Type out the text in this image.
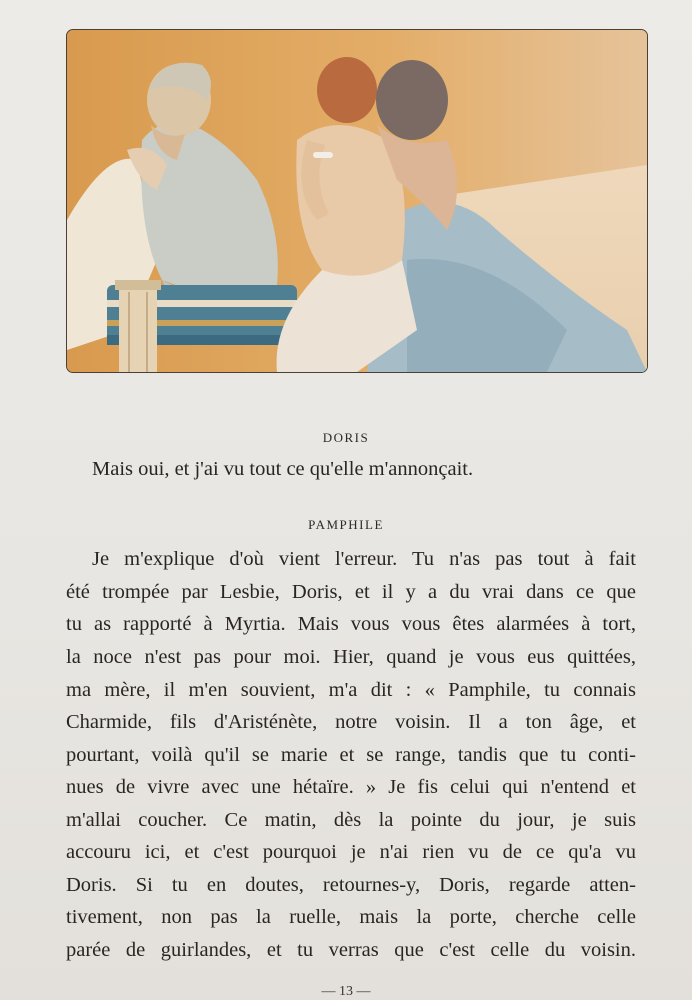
DORIS
Mais oui, et j'ai vu tout ce qu'elle m'annonçait.
PAMPHILE
Je m'explique d'où vient l'erreur. Tu n'as pas tout à fait
été trompée par Lesbie, Doris, et il y a du vrai dans ce que
tu as rapporté à Myrtia. Mais vous vous êtes alarmées à tort,
la noce n'est pas pour moi. Hier, quand je vous eus quittées,
ma mère, il m'en souvient, m'a dit : « Pamphile, tu connais
Charmide, fils d'Aristénète, notre voisin. Il a ton âge, et
pourtant, voilà qu'il se marie et se range, tandis que tu conti-
nues de vivre avec une hétaïre. » Je fis celui qui n'entend et
m'allai coucher. Ce matin, dès la pointe du jour, je suis
accouru ici, et c'est pourquoi je n'ai rien vu de ce qu'a vu
Doris. Si tu en doutes, retournes-y, Doris, regarde atten-
tivement, non pas la ruelle, mais la porte, cherche celle
parée de guirlandes, et tu verras que c'est celle du voisin.
— 13 —
